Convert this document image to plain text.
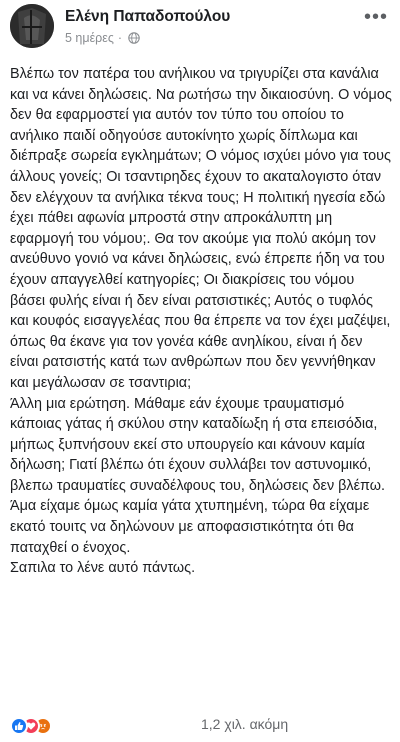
Ελένη Παπαδοπούλου
5 ημέρες ·
•••

Βλέπω τον πατέρα του ανήλικου να τριγυρίζει στα κανάλια και να κάνει δηλώσεις. Να ρωτήσω την δικαιοσύνη. Ο νόμος δεν θα εφαρμοστεί για αυτόν τον τύπο του οποίου το ανήλικο παιδί οδηγούσε αυτοκίνητο χωρίς δίπλωμα και διέπραξε σωρεία εγκλημάτων; Ο νόμος ισχύει μόνο για τους άλλους γονείς; Οι τσαντιρηδες έχουν το ακαταλογιστο όταν δεν ελέγχουν τα ανήλικα τέκνα τους; Η πολιτική ηγεσία εδώ έχει πάθει αφωνία μπροστά στην απροκάλυπτη μη εφαρμογή του νόμου;. Θα τον ακούμε για πολύ ακόμη τον ανεύθυνο γονιό να κάνει δηλώσεις, ενώ έπρεπε ήδη να του έχουν απαγγελθεί κατηγορίες; Οι διακρίσεις του νόμου βάσει φυλής είναι ή δεν είναι ρατσιστικές; Αυτός ο τυφλός και κουφός εισαγγελέας που θα έπρεπε να τον έχει μαζέψει, όπως θα έκανε για τον γονέα κάθε ανηλίκου, είναι ή δεν είναι ρατσιστής κατά των ανθρώπων που δεν γεννήθηκαν και μεγάλωσαν σε τσαντιρια;

Άλλη μια ερώτηση. Μάθαμε εάν έχουμε τραυματισμό κάποιας γάτας ή σκύλου στην καταδίωξη ή στα επεισόδια, μήπως ξυπνήσουν εκεί στο υπουργείο και κάνουν καμία δήλωση; Γιατί βλέπω ότι έχουν συλλάβει τον αστυνομικό, βλεπω τραυματίες συναδέλφους του, δηλώσεις δεν βλέπω. Άμα είχαμε όμως καμία γάτα χτυπημένη, τώρα θα είχαμε εκατό τουιτς να δηλώνουν με αποφασιστικότητα ότι θα παταχθεί ο ένοχος.

Σαπιλα το λένε αυτό πάντως.

1,2 χιλ. ακόμη
